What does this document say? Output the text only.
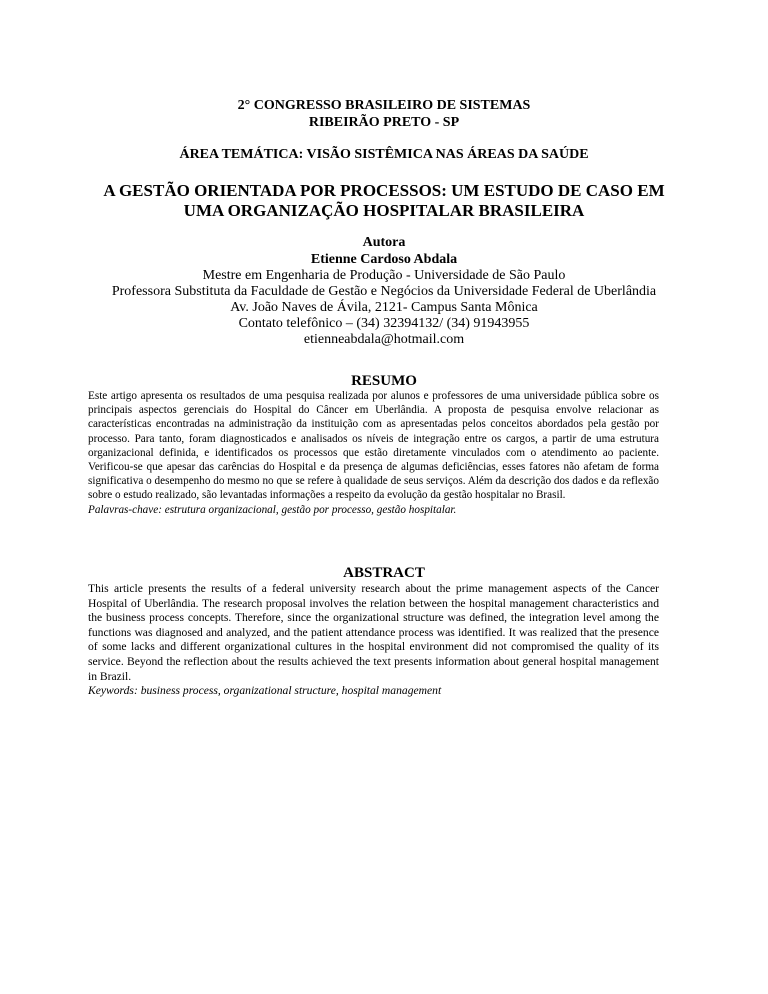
2° CONGRESSO BRASILEIRO DE SISTEMAS
RIBEIRÃO PRETO - SP
ÁREA TEMÁTICA: VISÃO SISTÊMICA NAS ÁREAS DA SAÚDE
A GESTÃO ORIENTADA POR PROCESSOS: UM ESTUDO DE CASO EM
UMA ORGANIZAÇÃO HOSPITALAR BRASILEIRA
Autora
Etienne Cardoso Abdala
Mestre em Engenharia de Produção - Universidade de São Paulo
Professora Substituta da Faculdade de Gestão e Negócios da Universidade Federal de Uberlândia
Av. João Naves de Ávila, 2121- Campus Santa Mônica
Contato telefônico – (34) 32394132/ (34) 91943955
etienneabdala@hotmail.com
RESUMO
Este artigo apresenta os resultados de uma pesquisa realizada por alunos e professores de uma universidade pública sobre os principais aspectos gerenciais do Hospital do Câncer em Uberlândia. A proposta de pesquisa envolve relacionar as características encontradas na administração da instituição com as apresentadas pelos conceitos abordados pela gestão por processo. Para tanto, foram diagnosticados e analisados os níveis de integração entre os cargos, a partir de uma estrutura organizacional definida, e identificados os processos que estão diretamente vinculados com o atendimento ao paciente. Verificou-se que apesar das carências do Hospital e da presença de algumas deficiências, esses fatores não afetam de forma significativa o desempenho do mesmo no que se refere à qualidade de seus serviços. Além da descrição dos dados e da reflexão sobre o estudo realizado, são levantadas informações a respeito da evolução da gestão hospitalar no Brasil.
Palavras-chave: estrutura organizacional, gestão por processo, gestão hospitalar.
ABSTRACT
This article presents the results of a federal university research about the prime management aspects of the Cancer Hospital of Uberlândia. The research proposal involves the relation between the hospital management characteristics and the business process concepts. Therefore, since the organizational structure was defined, the integration level among the functions was diagnosed and analyzed, and the patient attendance process was identified. It was realized that the presence of some lacks and different organizational cultures in the hospital environment did not compromised the quality of its service. Beyond the reflection about the results achieved the text presents information about general hospital management in Brazil.
Keywords: business process, organizational structure, hospital management
